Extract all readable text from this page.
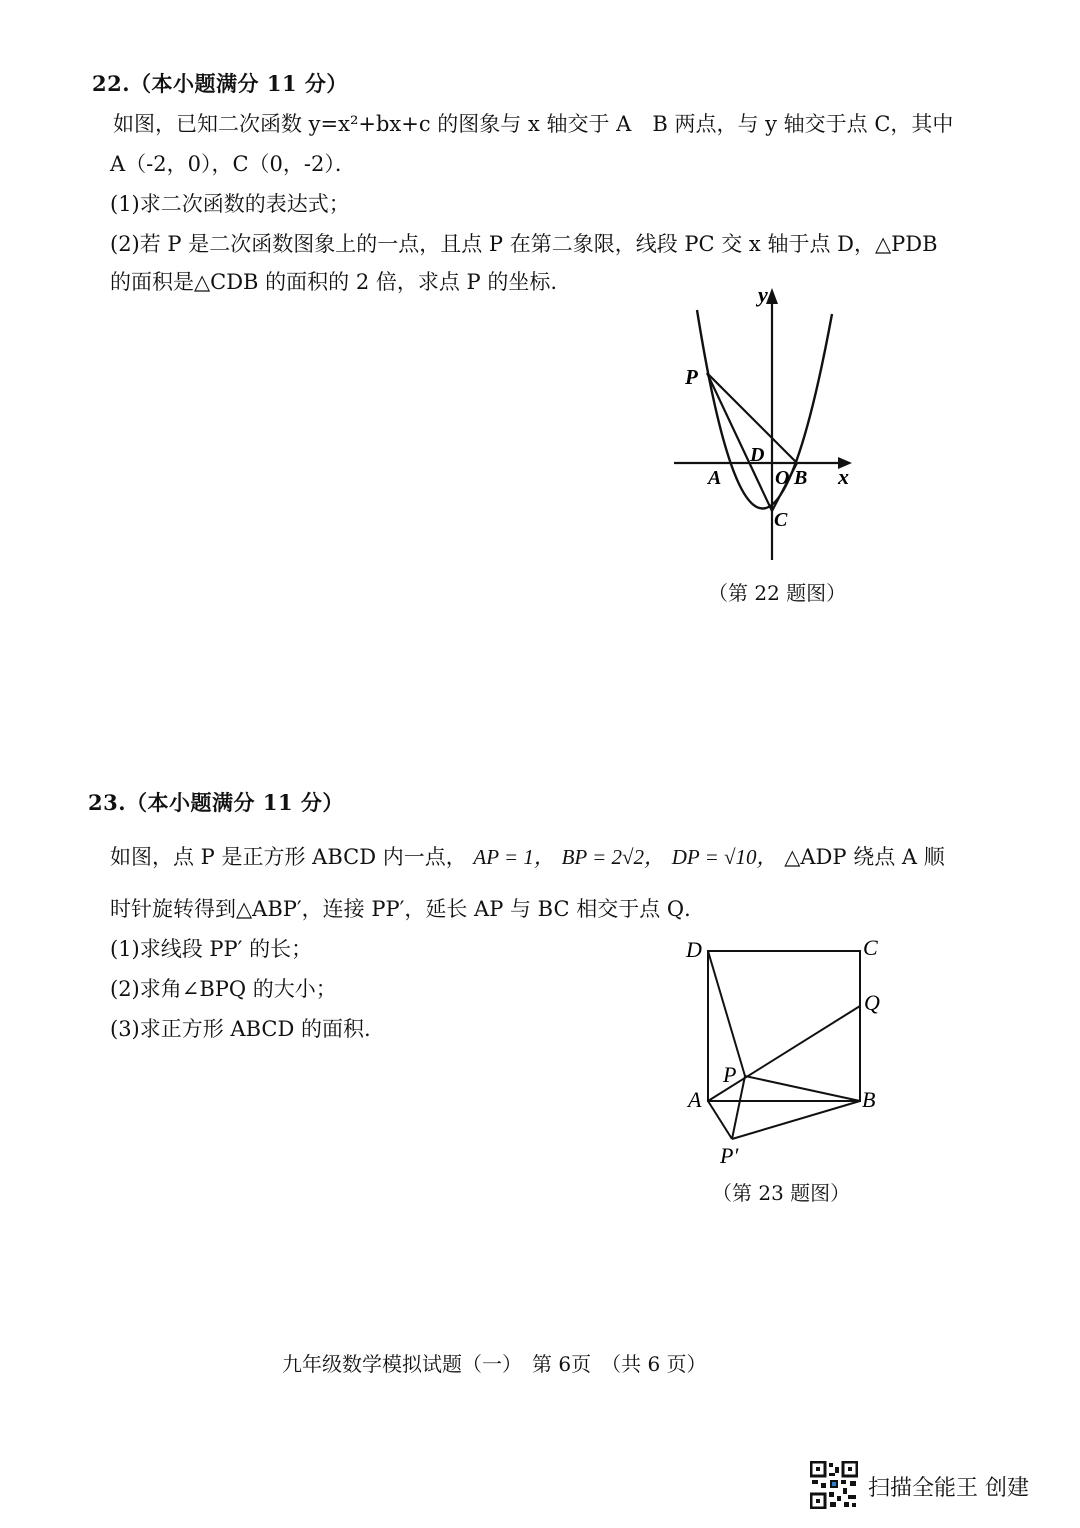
22.（本小题满分 11 分）
如图，已知二次函数 y=x²+bx+c 的图象与 x 轴交于 A　B 两点，与 y 轴交于点 C，其中
A（-2，0），C（0，-2）．
(1)求二次函数的表达式；
(2)若 P 是二次函数图象上的一点，且点 P 在第二象限，线段 PC 交 x 轴于点 D，△PDB
的面积是△CDB 的面积的 2 倍，求点 P 的坐标.	y
x
P
D
A	O B
C
（第 22 题图）
23.（本小题满分 11 分）
如图，点 P 是正方形 ABCD 内一点， AP = 1， BP = 2√2， DP = √10， △ADP 绕点 A 顺
时针旋转得到△ABP′，连接 PP′，延长 AP 与 BC 相交于点 Q．
(1)求线段 PP′ 的长；
(2)求角∠BPQ 的大小；
(3)求正方形 ABCD 的面积.
D	C
Q
P
A	B
P′
（第 23 题图）
九年级数学模拟试题（一）　第 6页　（共 6 页）
扫描全能王 创建
